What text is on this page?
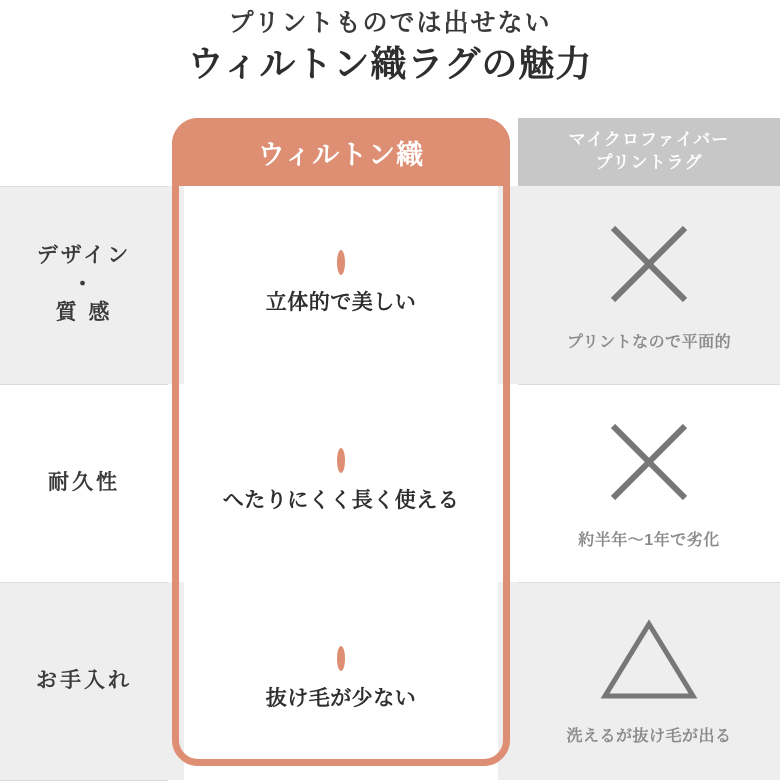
プリントものでは出せない
ウィルトン織ラグの魅力
ウィルトン織	マイクロファイバー
プリントラグ
デザイン
・
質 感	立体的で美しい
プリントなので平面的
耐久性
へたりにくく長く使える
約半年〜1年で劣化
お手入れ
抜け毛が少ない
洗えるが抜け毛が出る
